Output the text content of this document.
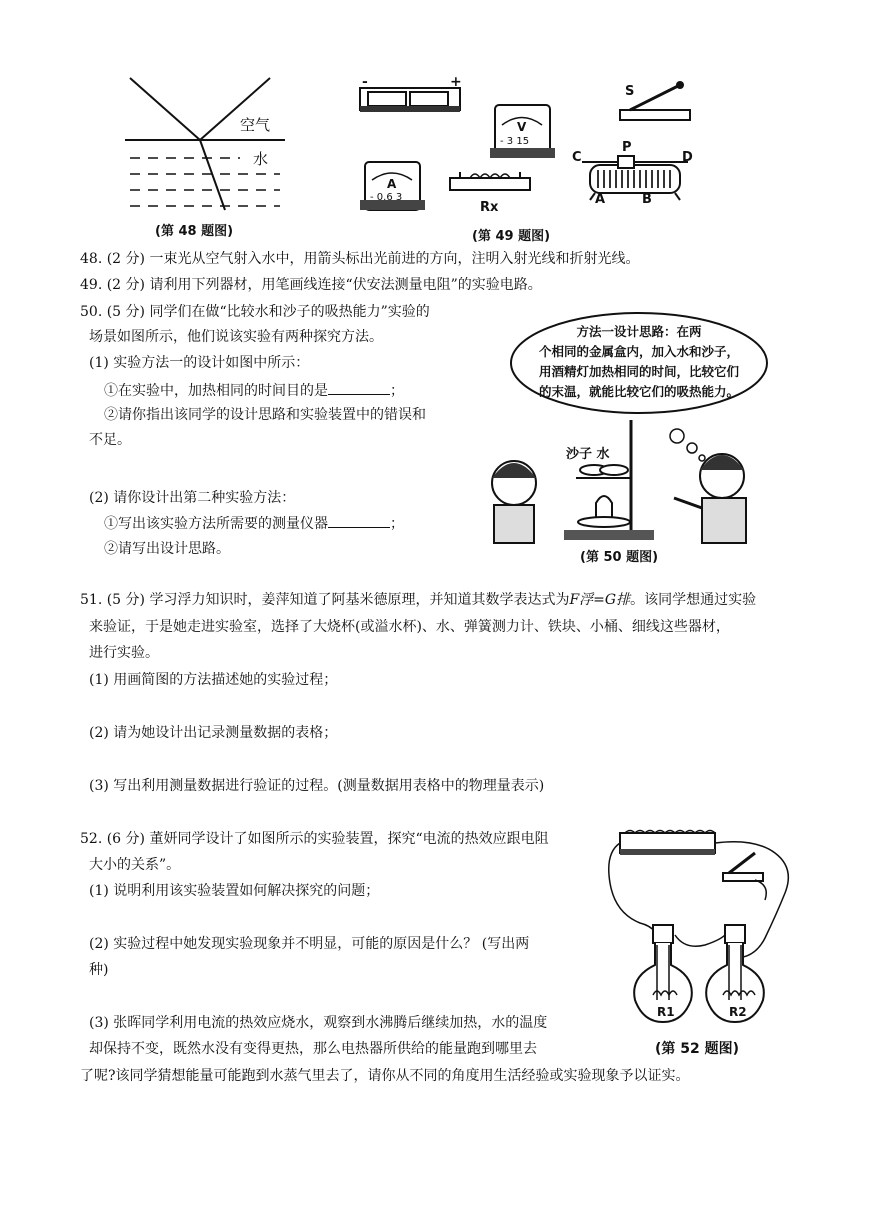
空气
水
(第 48 题图)
-	+
V
- 3 15
A
- 0.6 3
Rx
S
P
C	D
A	B
(第 49 题图)
48. (2 分) 一束光从空气射入水中，用箭头标出光前进的方向，注明入射光线和折射光线。
49. (2 分) 请利用下列器材，用笔画线连接“伏安法测量电阻”的实验电路。
50. (5 分) 同学们在做“比较水和沙子的吸热能力”实验的
场景如图所示，他们说该实验有两种探究方法。
(1) 实验方法一的设计如图中所示：
①在实验中，加热相同的时间目的是	；
②请你指出该同学的设计思路和实验装置中的错误和
不足。
(2) 请你设计出第二种实验方法：
①写出该实验方法所需要的测量仪器	；
②请写出设计思路。
方法一设计思路：在两
个相同的金属盒内，加入水和沙子，
用酒精灯加热相同的时间，比较它们
的末温，就能比较它们的吸热能力。
沙子 水
(第 50 题图)
51. (5 分) 学习浮力知识时，姜萍知道了阿基米德原理，并知道其数学表达式为F浮=G排。该同学想通过实验
来验证，于是她走进实验室，选择了大烧杯(或溢水杯)、水、弹簧测力计、铁块、小桶、细线这些器材，
进行实验。
(1) 用画简图的方法描述她的实验过程；
(2) 请为她设计出记录测量数据的表格；
(3) 写出利用测量数据进行验证的过程。(测量数据用表格中的物理量表示)
52. (6 分) 董妍同学设计了如图所示的实验装置，探究“电流的热效应跟电阻
大小的关系”。
(1) 说明利用该实验装置如何解决探究的问题；
(2) 实验过程中她发现实验现象并不明显，可能的原因是什么？ (写出两
种)
(3) 张晖同学利用电流的热效应烧水，观察到水沸腾后继续加热，水的温度
却保持不变，既然水没有变得更热，那么电热器所供给的能量跑到哪里去
了呢?该同学猜想能量可能跑到水蒸气里去了，请你从不同的角度用生活经验或实验现象予以证实。
R1	R2
(第 52 题图)
